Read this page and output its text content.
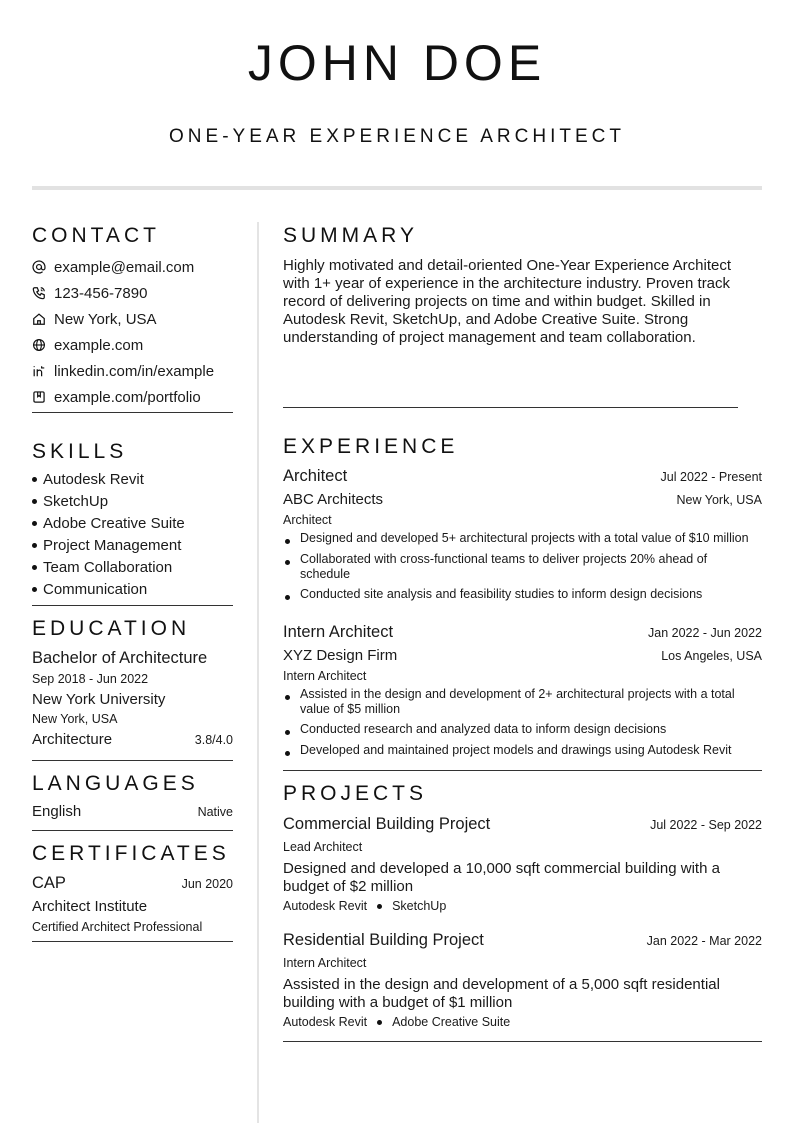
JOHN DOE
ONE-YEAR EXPERIENCE ARCHITECT
CONTACT
example@email.com
123-456-7890
New York, USA
example.com
linkedin.com/in/example
example.com/portfolio
SKILLS
Autodesk Revit
SketchUp
Adobe Creative Suite
Project Management
Team Collaboration
Communication
EDUCATION
Bachelor of Architecture
Sep 2018 - Jun 2022
New York University
New York, USA
Architecture	3.8/4.0
LANGUAGES
English	Native
CERTIFICATES
CAP	Jun 2020
Architect Institute
Certified Architect Professional
SUMMARY
Highly motivated and detail-oriented One-Year Experience Architect with 1+ year of experience in the architecture industry. Proven track record of delivering projects on time and within budget. Skilled in Autodesk Revit, SketchUp, and Adobe Creative Suite. Strong understanding of project management and team collaboration.
EXPERIENCE
Architect	Jul 2022 - Present
ABC Architects	New York, USA
Architect
Designed and developed 5+ architectural projects with a total value of $10 million
Collaborated with cross-functional teams to deliver projects 20% ahead of schedule
Conducted site analysis and feasibility studies to inform design decisions
Intern Architect	Jan 2022 - Jun 2022
XYZ Design Firm	Los Angeles, USA
Intern Architect
Assisted in the design and development of 2+ architectural projects with a total value of $5 million
Conducted research and analyzed data to inform design decisions
Developed and maintained project models and drawings using Autodesk Revit
PROJECTS
Commercial Building Project	Jul 2022 - Sep 2022
Lead Architect
Designed and developed a 10,000 sqft commercial building with a budget of $2 million
Autodesk Revit SketchUp
Residential Building Project	Jan 2022 - Mar 2022
Intern Architect
Assisted in the design and development of a 5,000 sqft residential building with a budget of $1 million
Autodesk Revit Adobe Creative Suite
